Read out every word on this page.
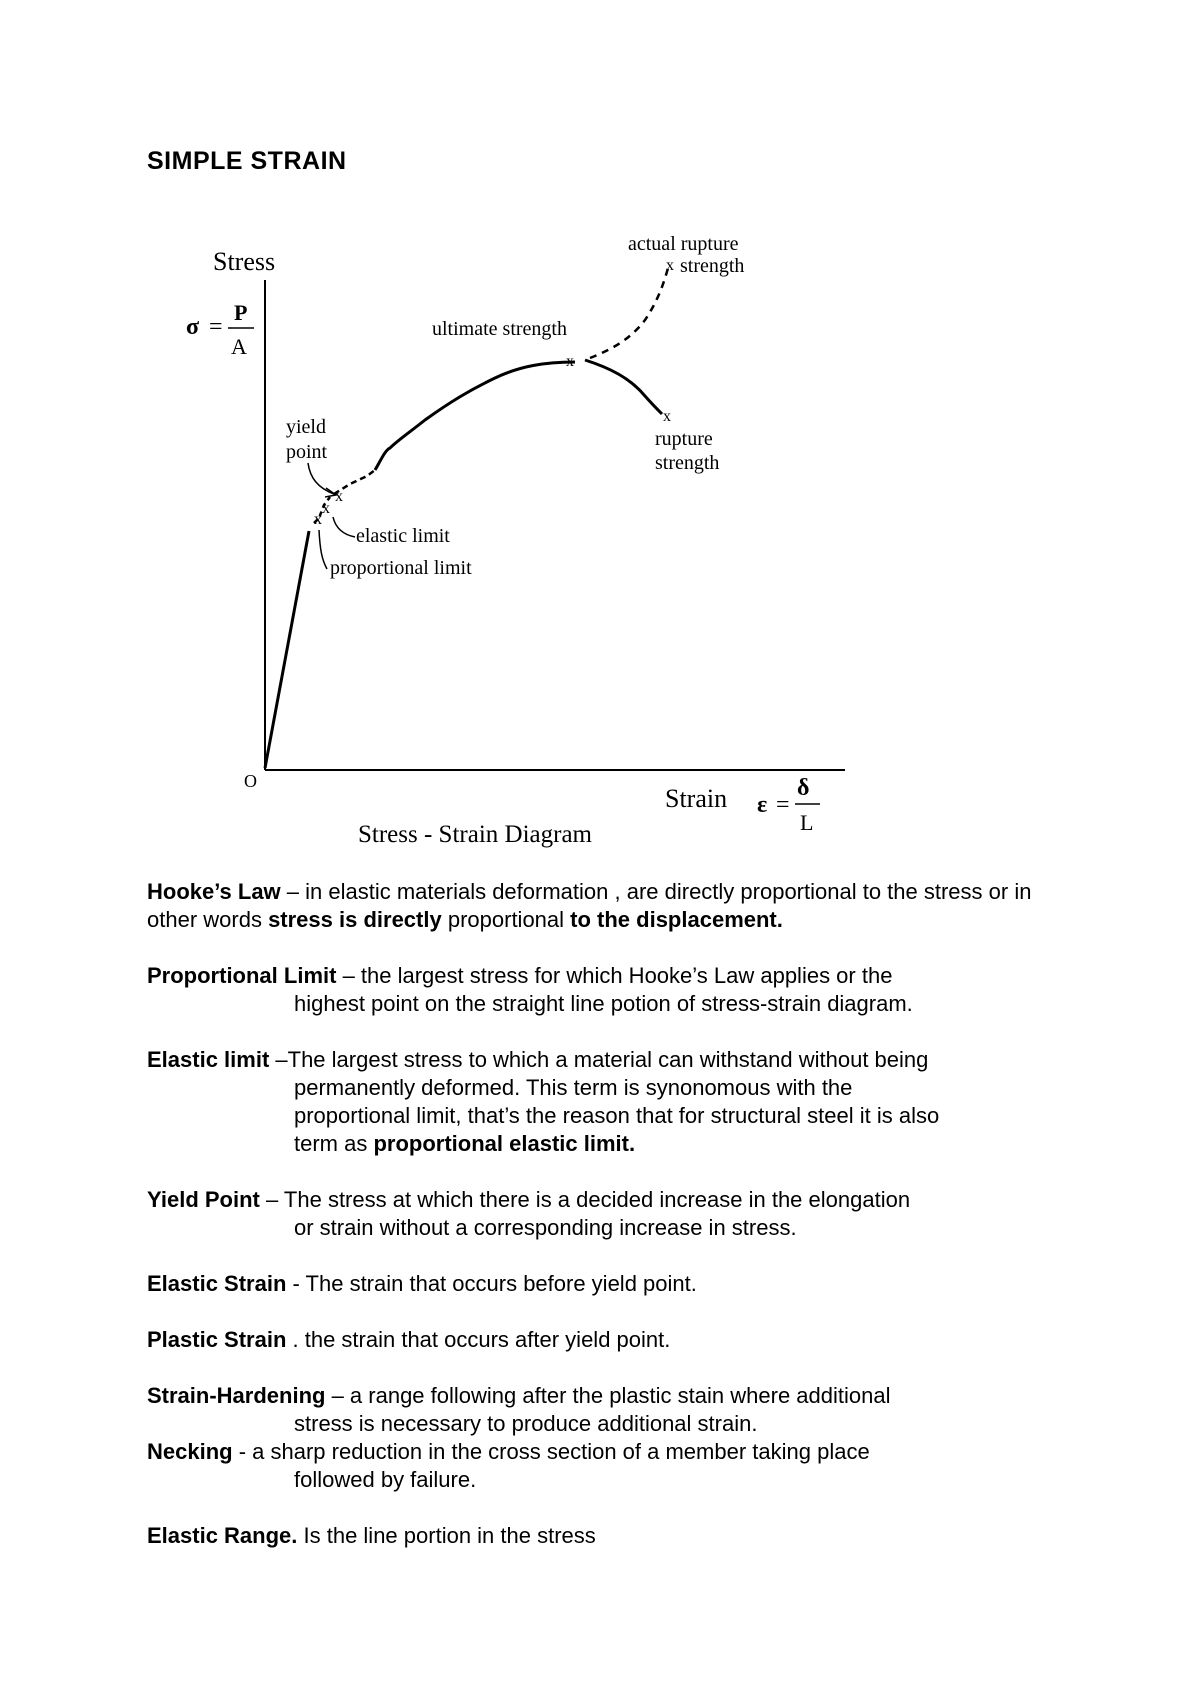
SIMPLE STRAIN
x
x
x
x
x
x
Stress
Strain
O
σ =
P
A
ε =
δ
L
actual rupture
strength
ultimate strength
rupture
strength
yield
point
elastic limit
proportional limit
Stress - Strain Diagram
Hooke’s Law – in elastic materials deformation , are directly proportional to the stress or in other words stress is directly proportional to the displacement.
Proportional Limit – the largest stress for which Hooke’s Law applies or the
highest point on the straight line potion of stress-strain diagram.
Elastic limit –The largest stress to which a material can withstand without being
permanently deformed. This term is synonomous with the
proportional limit, that’s the reason that for structural steel it is also
term as proportional elastic limit.
Yield Point – The stress at which there is a decided increase in the elongation
or strain without a corresponding increase in stress.
Elastic Strain - The strain that occurs before yield point.
Plastic Strain . the strain that occurs after yield point.
Strain-Hardening – a range following after the plastic stain where additional
stress is necessary to produce additional strain.
Necking - a sharp reduction in the cross section of a member taking place
followed by failure.
Elastic Range. Is the line portion in the stress
